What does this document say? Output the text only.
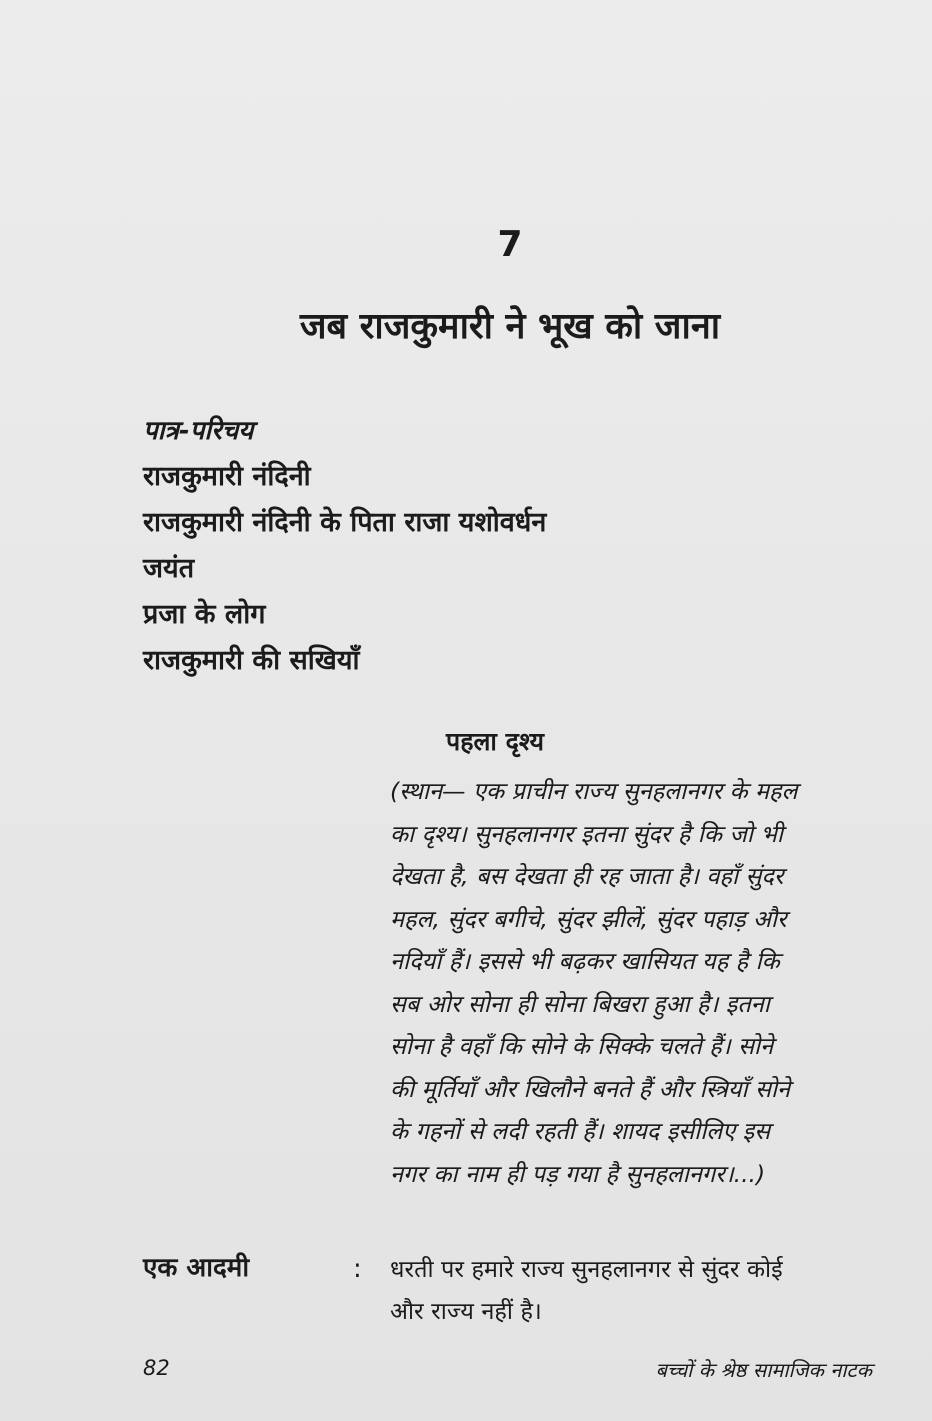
7
जब राजकुमारी ने भूख को जाना
पात्र-परिचय
राजकुमारी नंदिनी
राजकुमारी नंदिनी के पिता राजा यशोवर्धन
जयंत
प्रजा के लोग
राजकुमारी की सखियाँ
पहला दृश्य
(स्थान— एक प्राचीन राज्य सुनहलानगर के महल
का दृश्य। सुनहलानगर इतना सुंदर है कि जो भी
देखता है, बस देखता ही रह जाता है। वहाँ सुंदर
महल, सुंदर बगीचे, सुंदर झीलें, सुंदर पहाड़ और
नदियाँ हैं। इससे भी बढ़कर खासियत यह है कि
सब ओर सोना ही सोना बिखरा हुआ है। इतना
सोना है वहाँ कि सोने के सिक्के चलते हैं। सोने
की मूर्तियाँ और खिलौने बनते हैं और स्त्रियाँ सोने
के गहनों से लदी रहती हैं। शायद इसीलिए इस
नगर का नाम ही पड़ गया है सुनहलानगर।...)
एक आदमी	: धरती पर हमारे राज्य सुनहलानगर से सुंदर कोई
और राज्य नहीं है।
82	बच्चों के श्रेष्ठ सामाजिक नाटक
